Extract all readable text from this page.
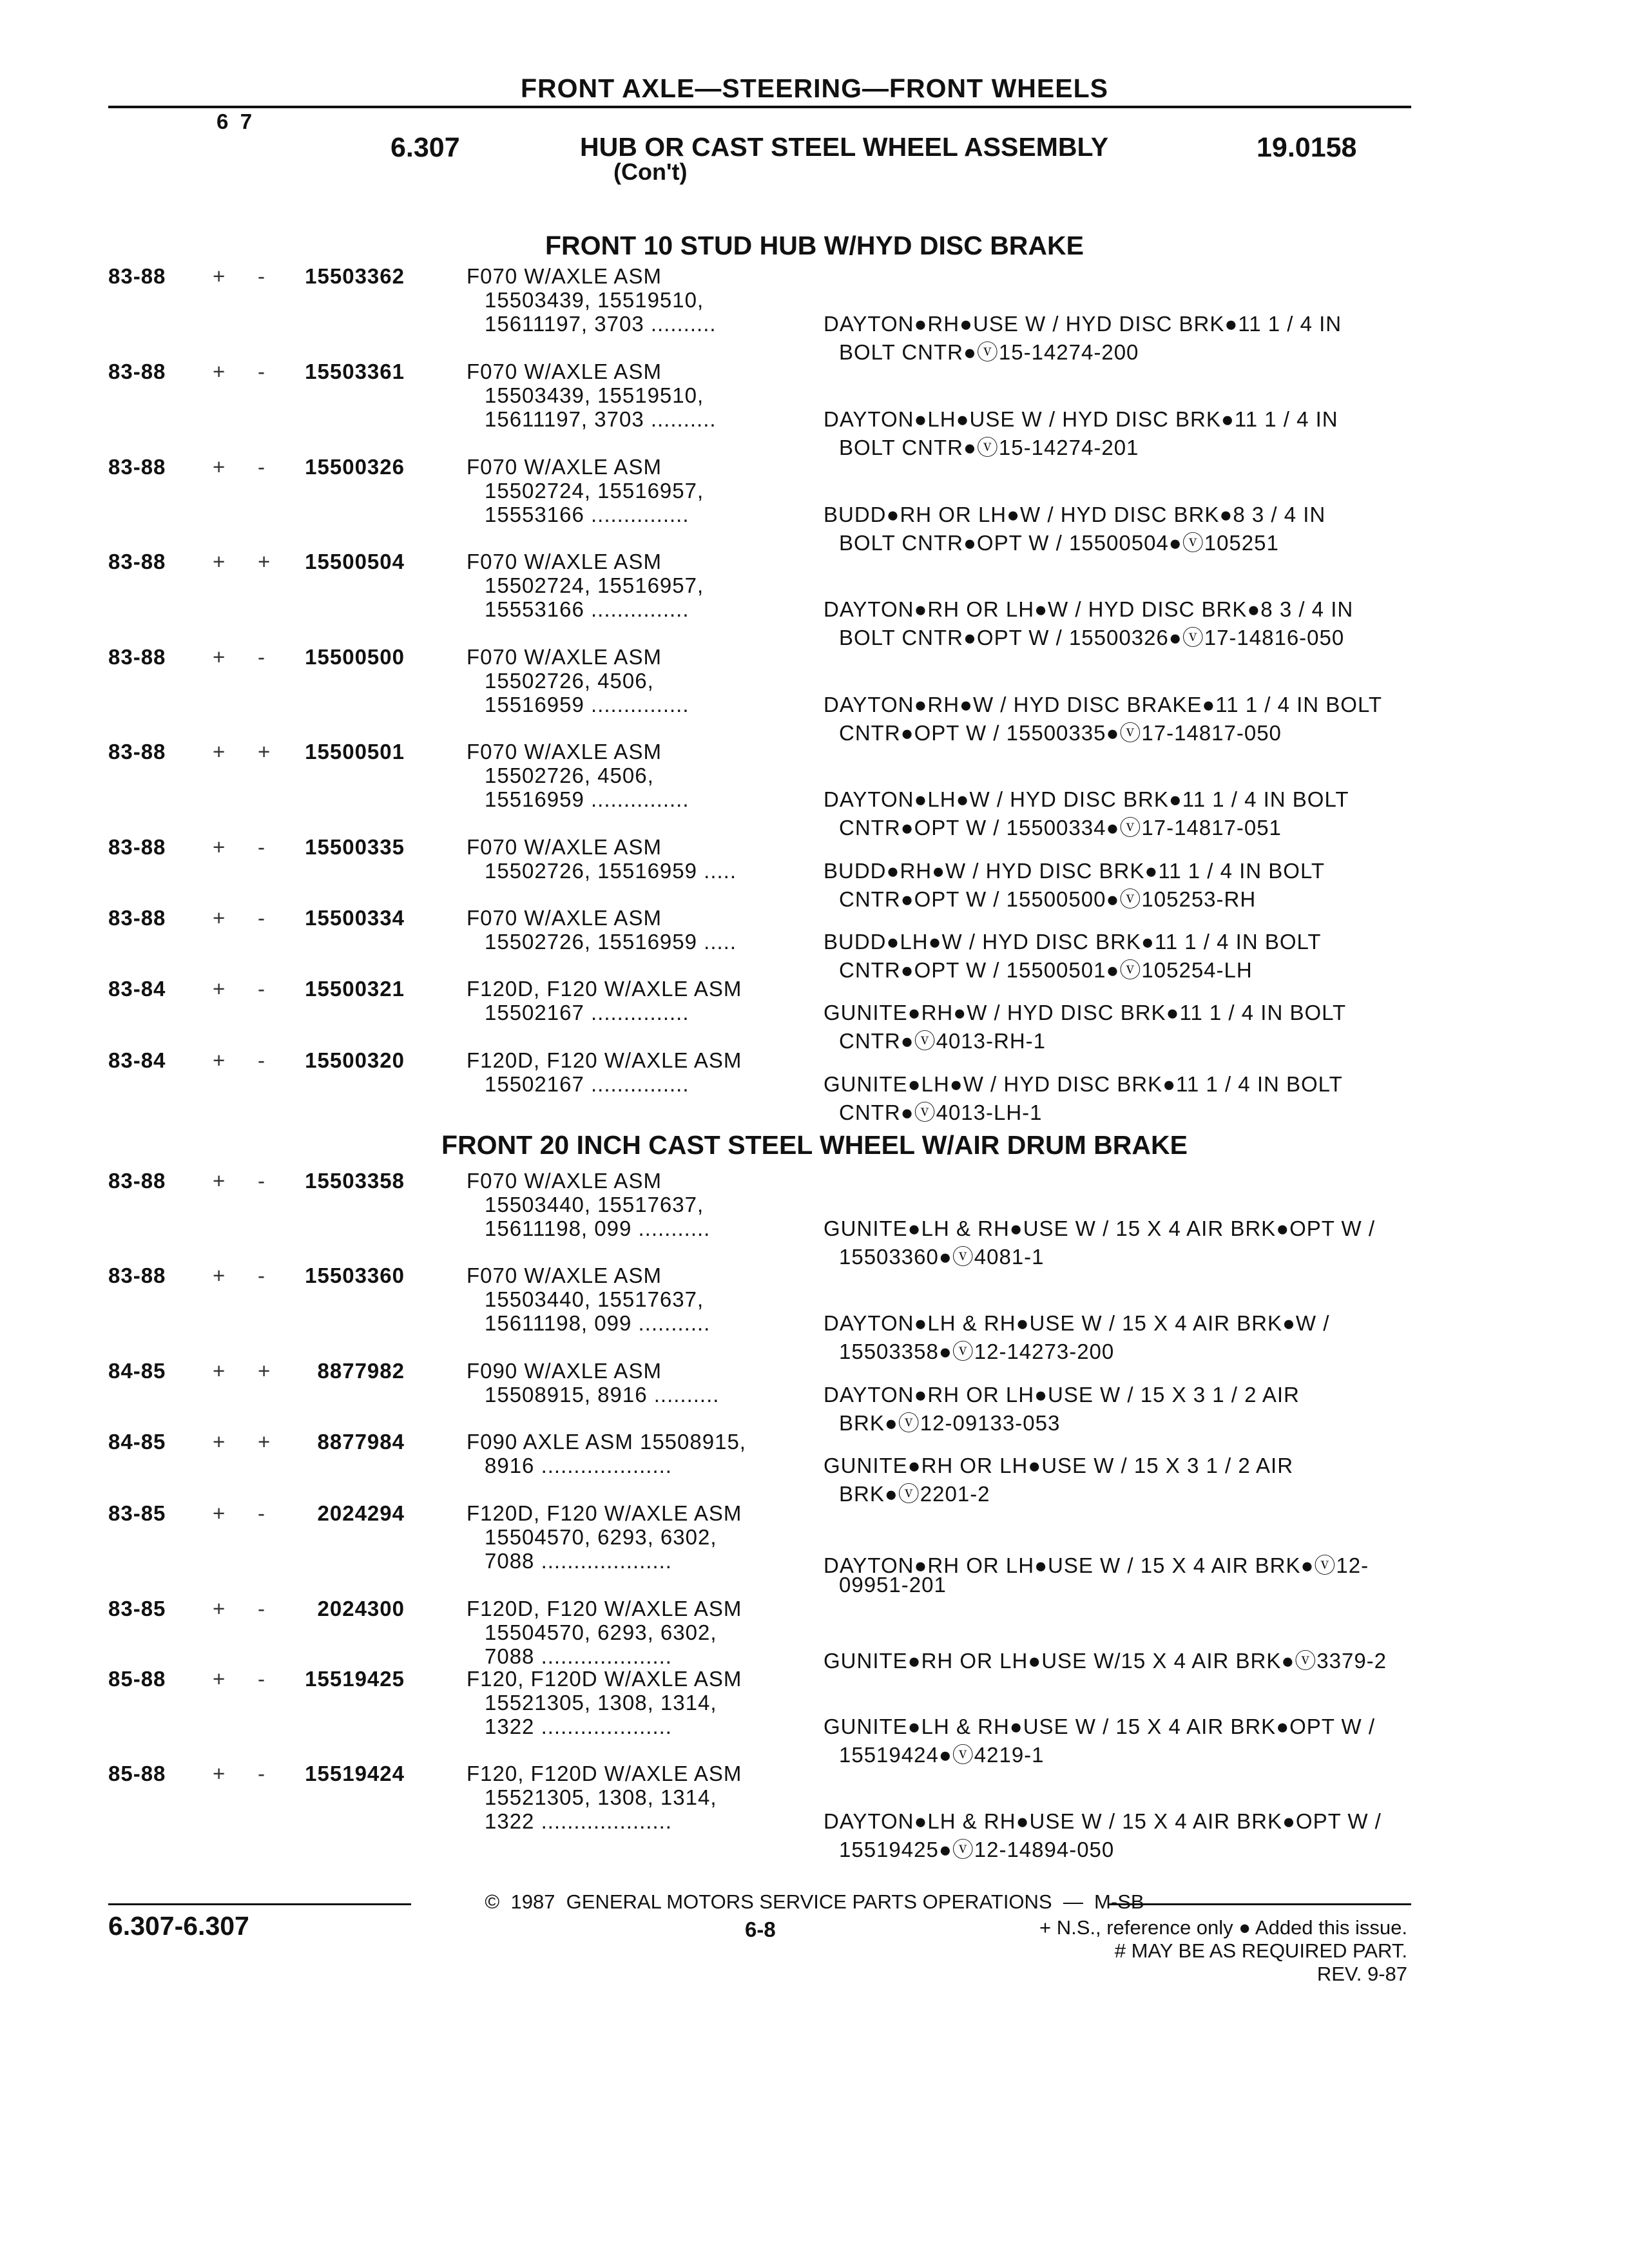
FRONT AXLE—STEERING—FRONT WHEELS
6  7
6.307	HUB OR CAST STEEL WHEEL ASSEMBLY
(Con't)
19.0158
FRONT 10 STUD HUB W/HYD DISC BRAKE
83-88 + - 15503362	F070 W/AXLE ASM
15503439, 15519510,
15611197, 3703 ..........	DAYTON●RH●USE W / HYD DISC BRK●11 1 / 4 IN
BOLT CNTR●ⓥ15-14274-200
83-88 + - 15503361	F070 W/AXLE ASM
15503439, 15519510,
15611197, 3703 ..........	DAYTON●LH●USE W / HYD DISC BRK●11 1 / 4 IN
BOLT CNTR●ⓥ15-14274-201
83-88 + - 15500326	F070 W/AXLE ASM
15502724, 15516957,
15553166 ...............	BUDD●RH OR LH●W / HYD DISC BRK●8 3 / 4 IN
BOLT CNTR●OPT W / 15500504●ⓥ105251
83-88 + + 15500504	F070 W/AXLE ASM
15502724, 15516957,
15553166 ...............	DAYTON●RH OR LH●W / HYD DISC BRK●8 3 / 4 IN
BOLT CNTR●OPT W / 15500326●ⓥ17-14816-050
83-88 + - 15500500	F070 W/AXLE ASM
15502726, 4506,
15516959 ...............	DAYTON●RH●W / HYD DISC BRAKE●11 1 / 4 IN BOLT
CNTR●OPT W / 15500335●ⓥ17-14817-050
83-88 + + 15500501	F070 W/AXLE ASM
15502726, 4506,
15516959 ...............	DAYTON●LH●W / HYD DISC BRK●11 1 / 4 IN BOLT
CNTR●OPT W / 15500334●ⓥ17-14817-051
83-88 + - 15500335	F070 W/AXLE ASM
15502726, 15516959 .....	BUDD●RH●W / HYD DISC BRK●11 1 / 4 IN BOLT
CNTR●OPT W / 15500500●ⓥ105253-RH
83-88 + - 15500334	F070 W/AXLE ASM
15502726, 15516959 .....	BUDD●LH●W / HYD DISC BRK●11 1 / 4 IN BOLT
CNTR●OPT W / 15500501●ⓥ105254-LH
83-84 + - 15500321	F120D, F120 W/AXLE ASM
15502167 ...............	GUNITE●RH●W / HYD DISC BRK●11 1 / 4 IN BOLT
CNTR●ⓥ4013-RH-1
83-84 + - 15500320	F120D, F120 W/AXLE ASM
15502167 ...............	GUNITE●LH●W / HYD DISC BRK●11 1 / 4 IN BOLT
CNTR●ⓥ4013-LH-1
FRONT 20 INCH CAST STEEL WHEEL W/AIR DRUM BRAKE
83-88 + - 15503358	F070 W/AXLE ASM
15503440, 15517637,
15611198, 099 ...........	GUNITE●LH & RH●USE W / 15 X 4 AIR BRK●OPT W /
15503360●ⓥ4081-1
83-88 + - 15503360	F070 W/AXLE ASM
15503440, 15517637,
15611198, 099 ...........	DAYTON●LH & RH●USE W / 15 X 4 AIR BRK●W /
15503358●ⓥ12-14273-200
84-85 + + 8877982	F090 W/AXLE ASM
15508915, 8916 ..........	DAYTON●RH OR LH●USE W / 15 X 3 1 / 2 AIR
BRK●ⓥ12-09133-053
84-85 + + 8877984	F090 AXLE ASM 15508915,
8916 ....................	GUNITE●RH OR LH●USE W / 15 X 3 1 / 2 AIR
BRK●ⓥ2201-2
83-85 + - 2024294	F120D, F120 W/AXLE ASM
15504570, 6293, 6302,
7088 ....................	DAYTON●RH OR LH●USE W / 15 X 4 AIR BRK●ⓥ12-
09951-201
83-85 + - 2024300	F120D, F120 W/AXLE ASM
15504570, 6293, 6302,
7088 ....................	GUNITE●RH OR LH●USE W/15 X 4 AIR BRK●ⓥ3379-2
85-88 + - 15519425	F120, F120D W/AXLE ASM
15521305, 1308, 1314,
1322 ....................	GUNITE●LH & RH●USE W / 15 X 4 AIR BRK●OPT W /
15519424●ⓥ4219-1
85-88 + - 15519424	F120, F120D W/AXLE ASM
15521305, 1308, 1314,
1322 ....................	DAYTON●LH & RH●USE W / 15 X 4 AIR BRK●OPT W /
15519425●ⓥ12-14894-050
©  1987  GENERAL MOTORS SERVICE PARTS OPERATIONS  —  M-SB
6.307-6.307	6-8	+ N.S., reference only ● Added this issue.
# MAY BE AS REQUIRED PART.
REV. 9-87
